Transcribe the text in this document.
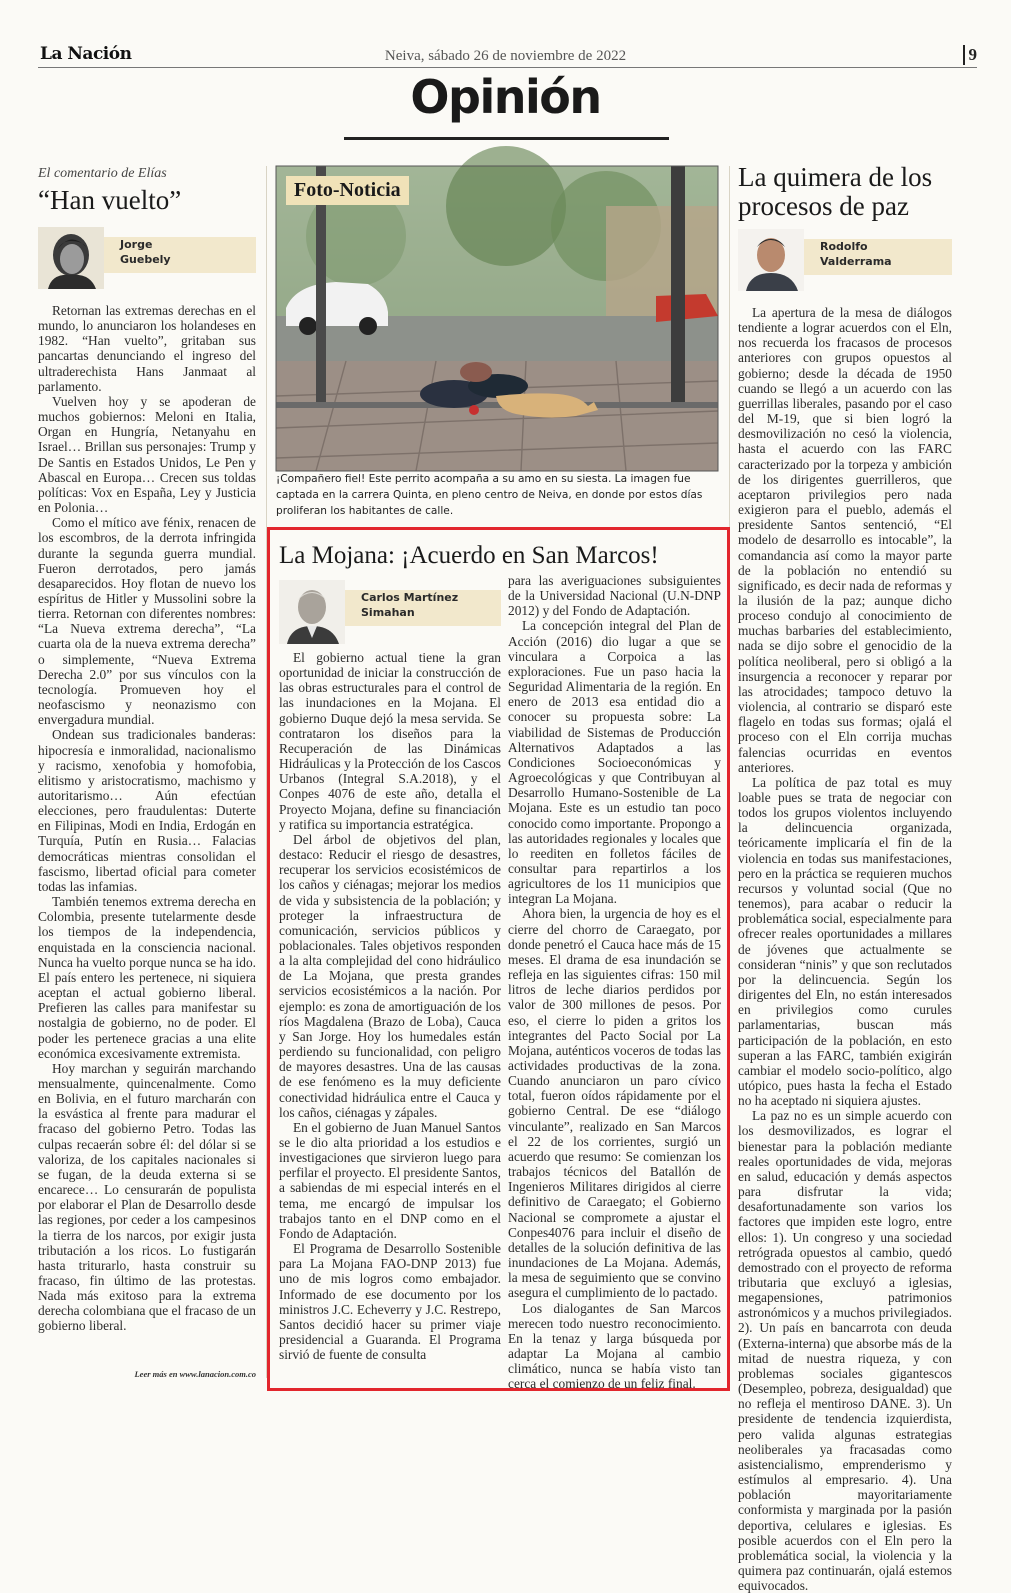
La Nación	Neiva, sábado 26 de noviembre de 2022	9
Opinión
El comentario de Elías
“Han vuelto”
Jorge
Guebely

Retornan las extremas derechas en el mundo, lo anunciaron los holandeses en 1982. “Han vuelto”, gritaban sus pancartas denunciando el ingreso del ultraderechista Hans Janmaat al parlamento.

Vuelven hoy y se apoderan de muchos gobiernos: Meloni en Italia, Organ en Hungría, Netanyahu en Israel… Brillan sus personajes: Trump y De Santis en Estados Unidos, Le Pen y Abascal en Europa… Crecen sus toldas políticas: Vox en España, Ley y Justicia en Polonia…

Como el mítico ave fénix, renacen de los escombros, de la derrota infringida durante la segunda guerra mundial. Fueron derrotados, pero jamás desaparecidos. Hoy flotan de nuevo los espíritus de Hitler y Mussolini sobre la tierra. Retornan con diferentes nombres: “La Nueva extrema derecha”, “La cuarta ola de la nueva extrema derecha” o simplemente, “Nueva Extrema Derecha 2.0” por sus vínculos con la tecnología. Promueven hoy el neofascismo y neonazismo con envergadura mundial.

Ondean sus tradicionales banderas: hipocresía e inmoralidad, nacionalismo y racismo, xenofobia y homofobia, elitismo y aristocratismo, machismo y autoritarismo… Aún efectúan elecciones, pero fraudulentas: Duterte en Filipinas, Modi en India, Erdogán en Turquía, Putín en Rusia… Falacias democráticas mientras consolidan el fascismo, libertad oficial para cometer todas las infamias.

También tenemos extrema derecha en Colombia, presente tutelarmente desde los tiempos de la independencia, enquistada en la consciencia nacional. Nunca ha vuelto porque nunca se ha ido. El país entero les pertenece, ni siquiera aceptan el actual gobierno liberal. Prefieren las calles para manifestar su nostalgia de gobierno, no de poder. El poder les pertenece gracias a una elite económica excesivamente extremista.

Hoy marchan y seguirán marchando mensualmente, quincenalmente. Como en Bolivia, en el futuro marcharán con la esvástica al frente para madurar el fracaso del gobierno Petro. Todas las culpas recaerán sobre él: del dólar si se valoriza, de los capitales nacionales si se fugan, de la deuda externa si se encarece… Lo censurarán de populista por elaborar el Plan de Desarrollo desde las regiones, por ceder a los campesinos la tierra de los narcos, por exigir justa tributación a los ricos. Lo fustigarán hasta triturarlo, hasta construir su fracaso, fin último de las protestas. Nada más exitoso para la extrema derecha colombiana que el fracaso de un gobierno liberal.

Leer más en www.lanacion.com.co
Foto-Noticia
¡Compañero fiel! Este perrito acompaña a su amo en su siesta. La imagen fue captada en la carrera Quinta, en pleno centro de Neiva, en donde por estos días proliferan los habitantes de calle.
La Mojana: ¡Acuerdo en San Marcos!
Carlos Martínez
Simahan

El gobierno actual tiene la gran oportunidad de iniciar la construcción de las obras estructurales para el control de las inundaciones en la Mojana. El gobierno Duque dejó la mesa servida. Se contrataron los diseños para la Recuperación de las Dinámicas Hidráulicas y la Protección de los Cascos Urbanos (Integral S.A.2018), y el Conpes 4076 de este año, detalla el Proyecto Mojana, define su financiación y ratifica su importancia estratégica.

Del árbol de objetivos del plan, destaco: Reducir el riesgo de desastres, recuperar los servicios ecosistémicos de los caños y ciénagas; mejorar los medios de vida y subsistencia de la población; y proteger la infraestructura de comunicación, servicios públicos y poblacionales. Tales objetivos responden a la alta complejidad del cono hidráulico de La Mojana, que presta grandes servicios ecosistémicos a la nación. Por ejemplo: es zona de amortiguación de los ríos Magdalena (Brazo de Loba), Cauca y San Jorge. Hoy los humedales están perdiendo su funcionalidad, con peligro de mayores desastres. Una de las causas de ese fenómeno es la muy deficiente conectividad hidráulica entre el Cauca y los caños, ciénagas y zápales.

En el gobierno de Juan Manuel Santos se le dio alta prioridad a los estudios e investigaciones que sirvieron luego para perfilar el proyecto. El presidente Santos, a sabiendas de mi especial interés en el tema, me encargó de impulsar los trabajos tanto en el DNP como en el Fondo de Adaptación.

El Programa de Desarrollo Sostenible para La Mojana FAO-DNP 2013) fue uno de mis logros como embajador. Informado de ese documento por los ministros J.C. Echeverry y J.C. Restrepo, Santos decidió hacer su primer viaje presidencial a Guaranda. El Programa sirvió de fuente de consulta

para las averiguaciones subsiguientes de la Universidad Nacional (U.N-DNP 2012) y del Fondo de Adaptación.

La concepción integral del Plan de Acción (2016) dio lugar a que se vinculara a Corpoica a las exploraciones. Fue un paso hacia la Seguridad Alimentaria de la región. En enero de 2013 esa entidad dio a conocer su propuesta sobre: La viabilidad de Sistemas de Producción Alternativos Adaptados a las Condiciones Socioeconómicas y Agroecológicas y que Contribuyan al Desarrollo Humano-Sostenible de La Mojana. Este es un estudio tan poco conocido como importante. Propongo a las autoridades regionales y locales que lo reediten en folletos fáciles de consultar para repartirlos a los agricultores de los 11 municipios que integran La Mojana.

Ahora bien, la urgencia de hoy es el cierre del chorro de Caraegato, por donde penetró el Cauca hace más de 15 meses. El drama de esa inundación se refleja en las siguientes cifras: 150 mil litros de leche diarios perdidos por valor de 300 millones de pesos. Por eso, el cierre lo piden a gritos los integrantes del Pacto Social por La Mojana, auténticos voceros de todas las actividades productivas de la zona. Cuando anunciaron un paro cívico total, fueron oídos rápidamente por el gobierno Central. De ese “diálogo vinculante”, realizado en San Marcos el 22 de los corrientes, surgió un acuerdo que resumo: Se comienzan los trabajos técnicos del Batallón de Ingenieros Militares dirigidos al cierre definitivo de Caraegato; el Gobierno Nacional se compromete a ajustar el Conpes4076 para incluir el diseño de detalles de la solución definitiva de las inundaciones de La Mojana. Además, la mesa de seguimiento que se convino asegura el cumplimiento de lo pactado.

Los dialogantes de San Marcos merecen todo nuestro reconocimiento. En la tenaz y larga búsqueda por adaptar La Mojana al cambio climático, nunca se había visto tan cerca el comienzo de un feliz final.

La quimera de los procesos de paz
Rodolfo
Valderrama

La apertura de la mesa de diálogos tendiente a lograr acuerdos con el Eln, nos recuerda los fracasos de procesos anteriores con grupos opuestos al gobierno; desde la década de 1950 cuando se llegó a un acuerdo con las guerrillas liberales, pasando por el caso del M-19, que si bien logró la desmovilización no cesó la violencia, hasta el acuerdo con las FARC caracterizado por la torpeza y ambición de los dirigentes guerrilleros, que aceptaron privilegios pero nada exigieron para el pueblo, además el presidente Santos sentenció, “El modelo de desarrollo es intocable”, la comandancia así como la mayor parte de la población no entendió su significado, es decir nada de reformas y la ilusión de la paz; aunque dicho proceso condujo al conocimiento de muchas barbaries del establecimiento, nada se dijo sobre el genocidio de la política neoliberal, pero si obligó a la insurgencia a reconocer y reparar por las atrocidades; tampoco detuvo la violencia, al contrario se disparó este flagelo en todas sus formas; ojalá el proceso con el Eln corrija muchas falencias ocurridas en eventos anteriores.

La política de paz total es muy loable pues se trata de negociar con todos los grupos violentos incluyendo la delincuencia organizada, teóricamente implicaría el fin de la violencia en todas sus manifestaciones, pero en la práctica se requieren muchos recursos y voluntad social (Que no tenemos), para acabar o reducir la problemática social, especialmente para ofrecer reales oportunidades a millares de jóvenes que actualmente se consideran “ninis” y que son reclutados por la delincuencia. Según los dirigentes del Eln, no están interesados en privilegios como curules parlamentarias, buscan más participación de la población, en esto superan a las FARC, también exigirán cambiar el modelo socio-político, algo utópico, pues hasta la fecha el Estado no ha aceptado ni siquiera ajustes.

La paz no es un simple acuerdo con los desmovilizados, es lograr el bienestar para la población mediante reales oportunidades de vida, mejoras en salud, educación y demás aspectos para disfrutar la vida; desafortunadamente son varios los factores que impiden este logro, entre ellos: 1). Un congreso y una sociedad retrógrada opuestos al cambio, quedó demostrado con el proyecto de reforma tributaria que excluyó a iglesias, megapensiones, patrimonios astronómicos y a muchos privilegiados. 2). Un país en bancarrota con deuda (Externa-interna) que absorbe más de la mitad de nuestra riqueza, y con problemas sociales gigantescos (Desempleo, pobreza, desigualdad) que no refleja el mentiroso DANE. 3). Un presidente de tendencia izquierdista, pero valida algunas estrategias neoliberales ya fracasadas como asistencialismo, emprenderismo y estímulos al empresario. 4). Una población mayoritariamente conformista y marginada por la pasión deportiva, celulares e iglesias. Es posible acuerdos con el Eln pero la problemática social, la violencia y la quimera paz continuarán, ojalá estemos equivocados.
